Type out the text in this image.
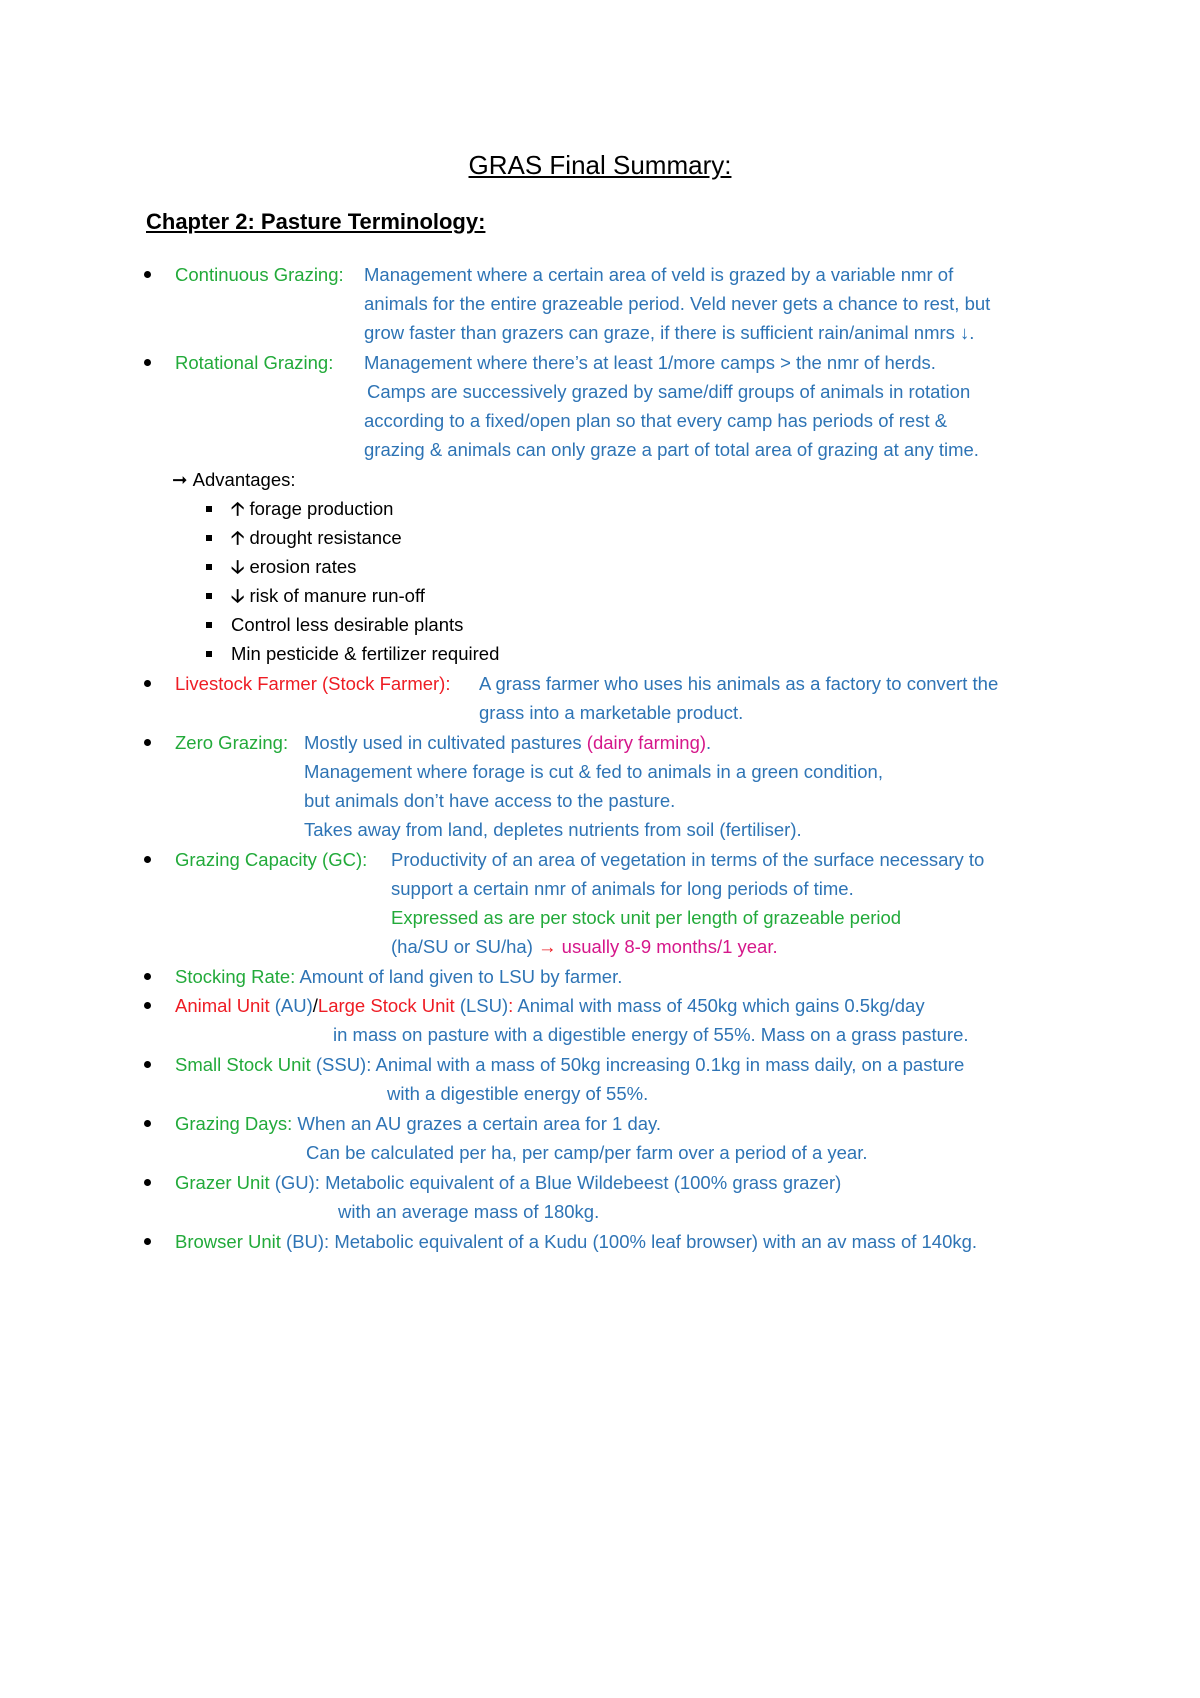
GRAS Final Summary:
Chapter 2: Pasture Terminology:
Continuous Grazing: Management where a certain area of veld is grazed by a variable nmr of
animals for the entire grazeable period. Veld never gets a chance to rest, but
grow faster than grazers can graze, if there is sufficient rain/animal nmrs ↓.
Rotational Grazing: Management where there’s at least 1/more camps > the nmr of herds.
Camps are successively grazed by same/diff groups of animals in rotation
according to a fixed/open plan so that every camp has periods of rest &
grazing & animals can only graze a part of total area of grazing at any time.
➞ Advantages:
🡡 forage production
🡡 drought resistance
🡣 erosion rates
🡣 risk of manure run-off
Control less desirable plants
Min pesticide & fertilizer required
Livestock Farmer (Stock Farmer): A grass farmer who uses his animals as a factory to convert the
grass into a marketable product.
Zero Grazing: Mostly used in cultivated pastures (dairy farming).
Management where forage is cut & fed to animals in a green condition,
but animals don’t have access to the pasture.
Takes away from land, depletes nutrients from soil (fertiliser).
Grazing Capacity (GC): Productivity of an area of vegetation in terms of the surface necessary to
support a certain nmr of animals for long periods of time.
Expressed as are per stock unit per length of grazeable period
(ha/SU or SU/ha) → usually 8-9 months/1 year.
Stocking Rate: Amount of land given to LSU by farmer.
Animal Unit (AU)/Large Stock Unit (LSU): Animal with mass of 450kg which gains 0.5kg/day
in mass on pasture with a digestible energy of 55%. Mass on a grass pasture.
Small Stock Unit (SSU): Animal with a mass of 50kg increasing 0.1kg in mass daily, on a pasture
with a digestible energy of 55%.
Grazing Days: When an AU grazes a certain area for 1 day.
Can be calculated per ha, per camp/per farm over a period of a year.
Grazer Unit (GU): Metabolic equivalent of a Blue Wildebeest (100% grass grazer)
with an average mass of 180kg.
Browser Unit (BU): Metabolic equivalent of a Kudu (100% leaf browser) with an av mass of 140kg.
